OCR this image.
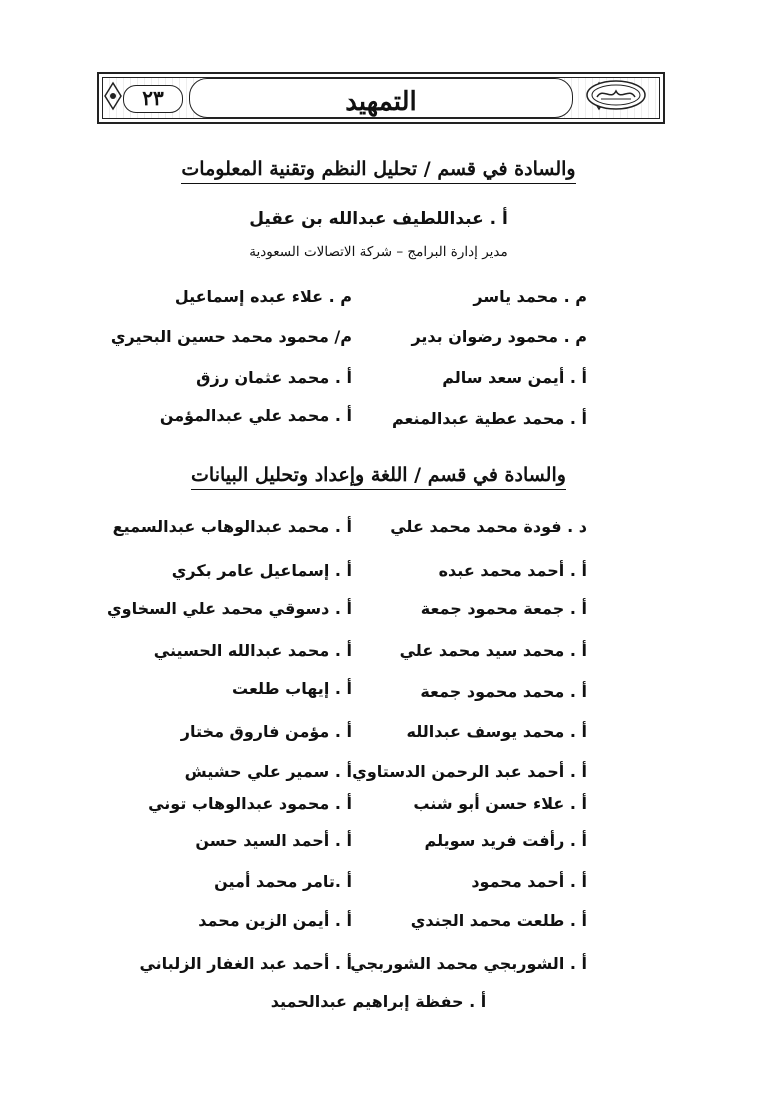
التمهيد
٢٣
والسادة في قسم / تحليل النظم وتقنية المعلومات
أ . عبداللطيف عبدالله بن عقيل
مدير إدارة البرامج – شركة الاتصالات السعودية
م . محمد ياسر
م . علاء عبده إسماعيل
م . محمود رضوان بدير
م/ محمود محمد حسين البحيري
أ . أيمن سعد سالم
أ . محمد عثمان رزق
أ . محمد عطية عبدالمنعم
أ . محمد علي عبدالمؤمن
والسادة في قسم / اللغة وإعداد وتحليل البيانات
د . فودة محمد محمد علي
أ . محمد عبدالوهاب عبدالسميع
أ . أحمد محمد عبده
أ . إسماعيل عامر بكري
أ . جمعة محمود جمعة
أ . دسوقي محمد علي السخاوي
أ . محمد سيد محمد علي
أ . محمد عبدالله الحسيني
أ . محمد محمود جمعة
أ . إيهاب طلعت
أ . محمد يوسف عبدالله
أ . مؤمن فاروق مختار
أ . أحمد عبد الرحمن الدستاوي
أ . سمير علي حشيش
أ . علاء حسن أبو شنب
أ . محمود عبدالوهاب توني
أ . رأفت فريد سويلم
أ . أحمد السيد حسن
أ . أحمد محمود
أ .تامر محمد أمين
أ . طلعت محمد الجندي
أ . أيمن الزين محمد
أ . الشوربجي محمد الشوربجي
أ . أحمد عبد الغفار الزلباني
أ . حفظة إبراهيم عبدالحميد
